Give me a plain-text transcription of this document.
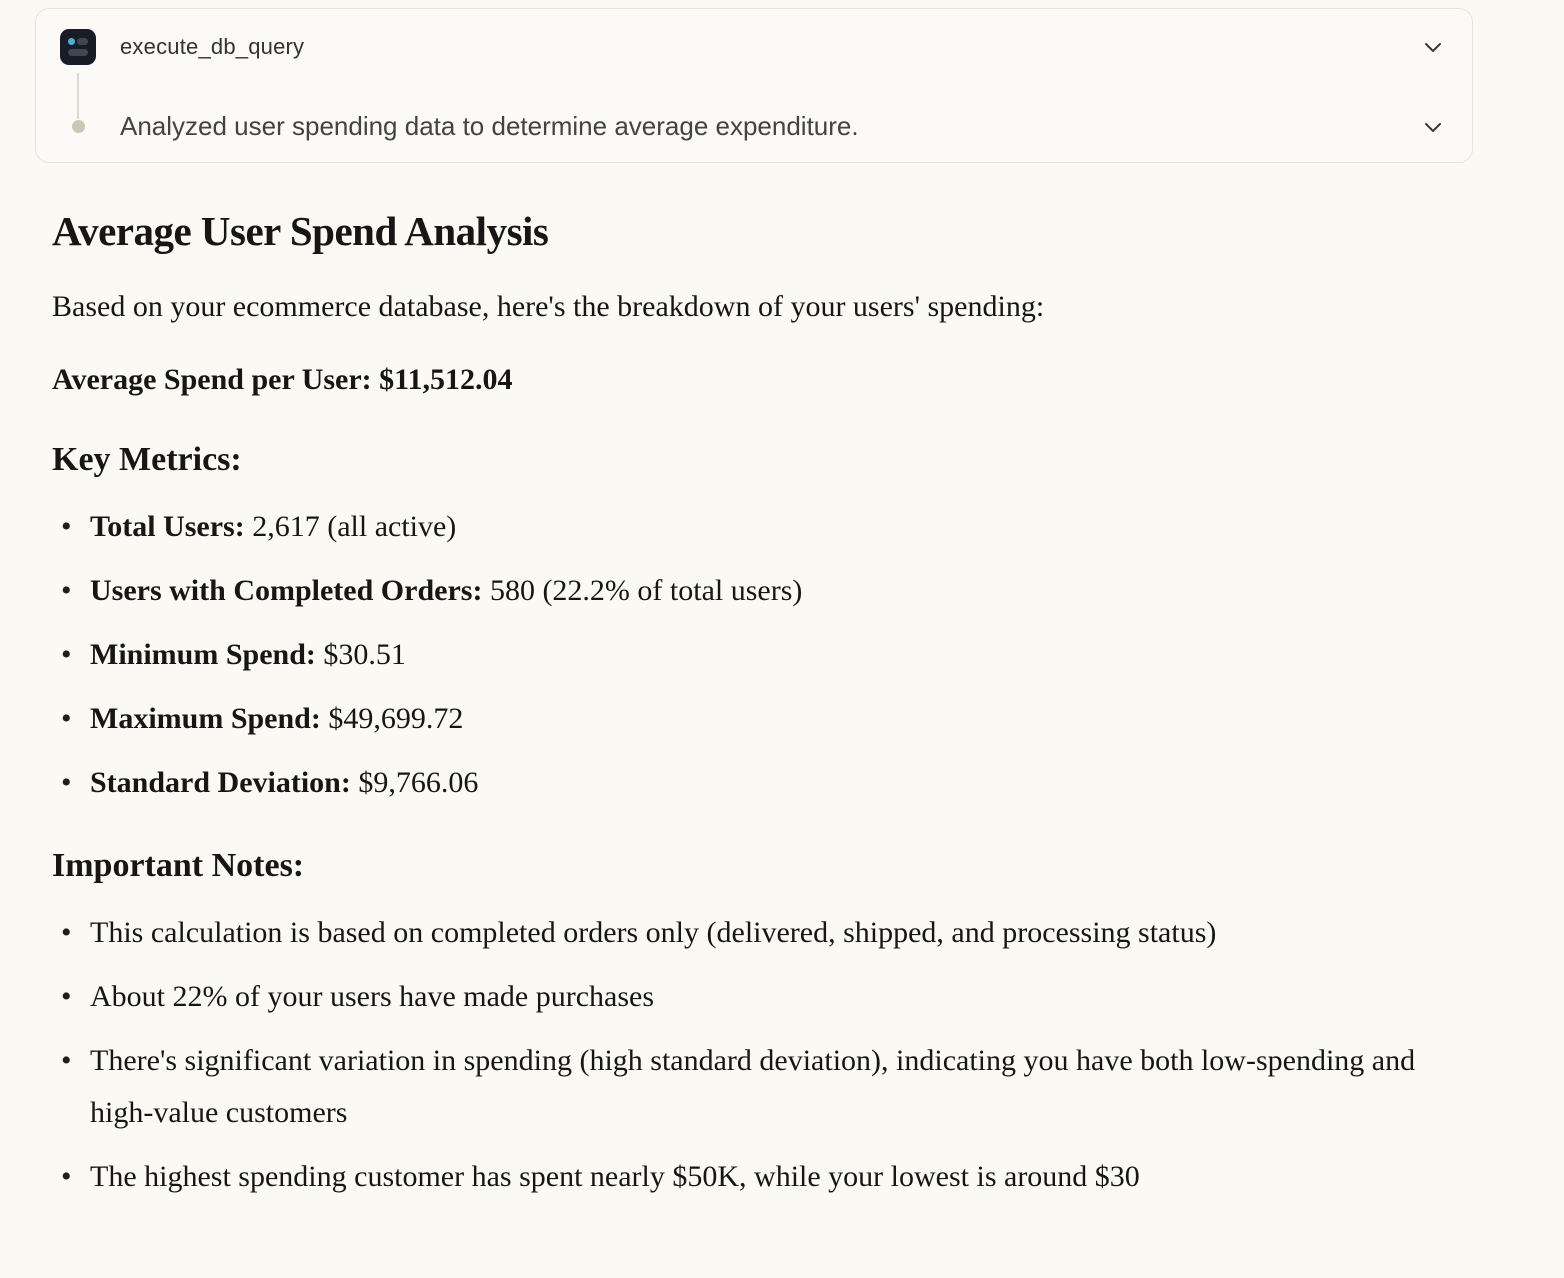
execute_db_query
Analyzed user spending data to determine average expenditure.
Average User Spend Analysis

Based on your ecommerce database, here's the breakdown of your users' spending:

Average Spend per User: $11,512.04

Key Metrics:
• Total Users: 2,617 (all active)
• Users with Completed Orders: 580 (22.2% of total users)
• Minimum Spend: $30.51
• Maximum Spend: $49,699.72
• Standard Deviation: $9,766.06
Important Notes:
• This calculation is based on completed orders only (delivered, shipped, and processing status)
• About 22% of your users have made purchases
• There's significant variation in spending (high standard deviation), indicating you have both low-spending and high-value customers
• The highest spending customer has spent nearly $50K, while your lowest is around $30
